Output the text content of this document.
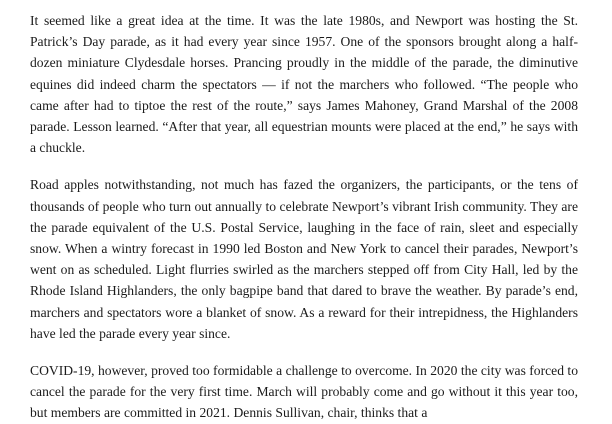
It seemed like a great idea at the time. It was the late 1980s, and Newport was hosting the St. Patrick’s Day parade, as it had every year since 1957. One of the sponsors brought along a half-dozen miniature Clydesdale horses. Prancing proudly in the middle of the parade, the diminutive equines did indeed charm the spectators — if not the marchers who followed. “The people who came after had to tiptoe the rest of the route,” says James Mahoney, Grand Marshal of the 2008 parade. Lesson learned. “After that year, all equestrian mounts were placed at the end,” he says with a chuckle.

Road apples notwithstanding, not much has fazed the organizers, the participants, or the tens of thousands of people who turn out annually to celebrate Newport’s vibrant Irish community. They are the parade equivalent of the U.S. Postal Service, laughing in the face of rain, sleet and especially snow. When a wintry forecast in 1990 led Boston and New York to cancel their parades, Newport’s went on as scheduled. Light flurries swirled as the marchers stepped off from City Hall, led by the Rhode Island Highlanders, the only bagpipe band that dared to brave the weather. By parade’s end, marchers and spectators wore a blanket of snow. As a reward for their intrepidness, the Highlanders have led the parade every year since.

COVID-19, however, proved too formidable a challenge to overcome. In 2020 the city was forced to cancel the parade for the very first time. March will probably come and go without it this year too, but members are committed in 2021. Dennis Sullivan, chair, thinks that a
